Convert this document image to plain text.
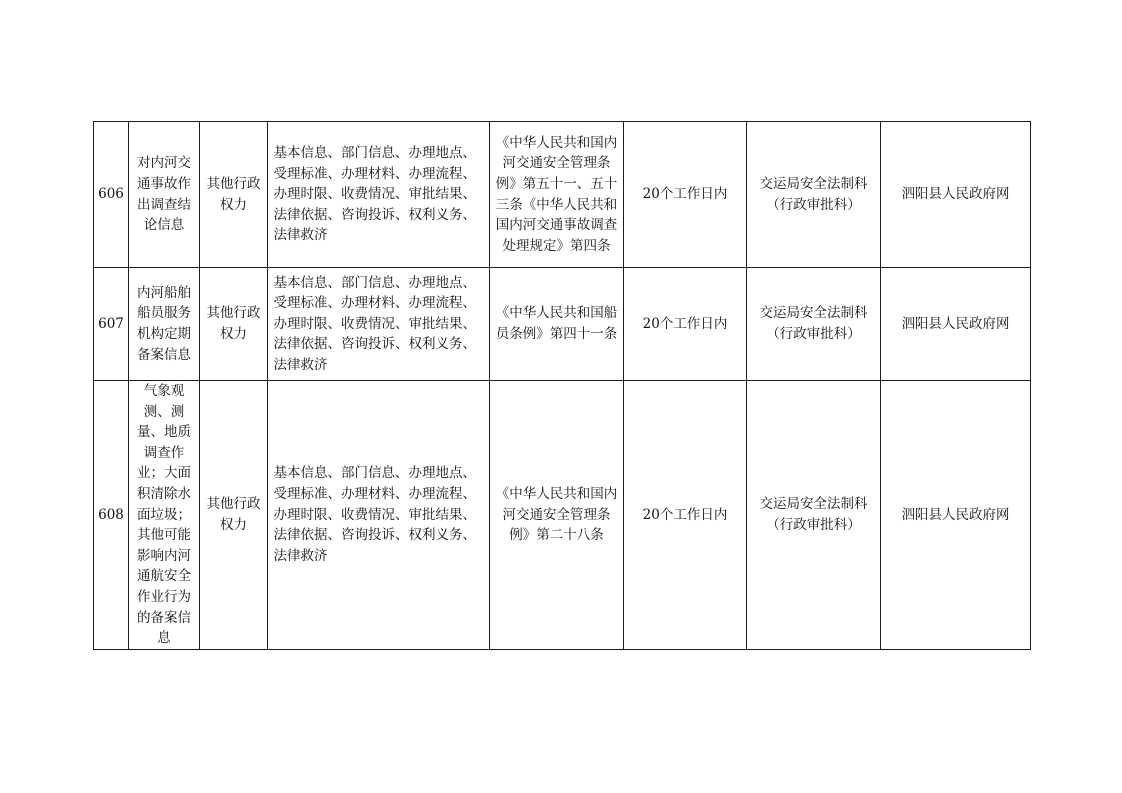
606	对内河交通事故作出调查结论信息	其他行政权力	基本信息、部门信息、办理地点、受理标准、办理材料、办理流程、办理时限、收费情况、审批结果、法律依据、咨询投诉、权利义务、法律救济	《中华人民共和国内河交通安全管理条例》第五十一、五十三条《中华人民共和国内河交通事故调查处理规定》第四条	20个工作日内	交运局安全法制科（行政审批科）	泗阳县人民政府网
607	内河船舶船员服务机构定期备案信息	其他行政权力	基本信息、部门信息、办理地点、受理标准、办理材料、办理流程、办理时限、收费情况、审批结果、法律依据、咨询投诉、权利义务、法律救济	《中华人民共和国船员条例》第四十一条	20个工作日内	交运局安全法制科（行政审批科）	泗阳县人民政府网
608	气象观测、测量、地质调查作业；大面积清除水面垃圾；其他可能影响内河通航安全作业行为的备案信息	其他行政权力	基本信息、部门信息、办理地点、受理标准、办理材料、办理流程、办理时限、收费情况、审批结果、法律依据、咨询投诉、权利义务、法律救济	《中华人民共和国内河交通安全管理条例》第二十八条	20个工作日内	交运局安全法制科（行政审批科）	泗阳县人民政府网
